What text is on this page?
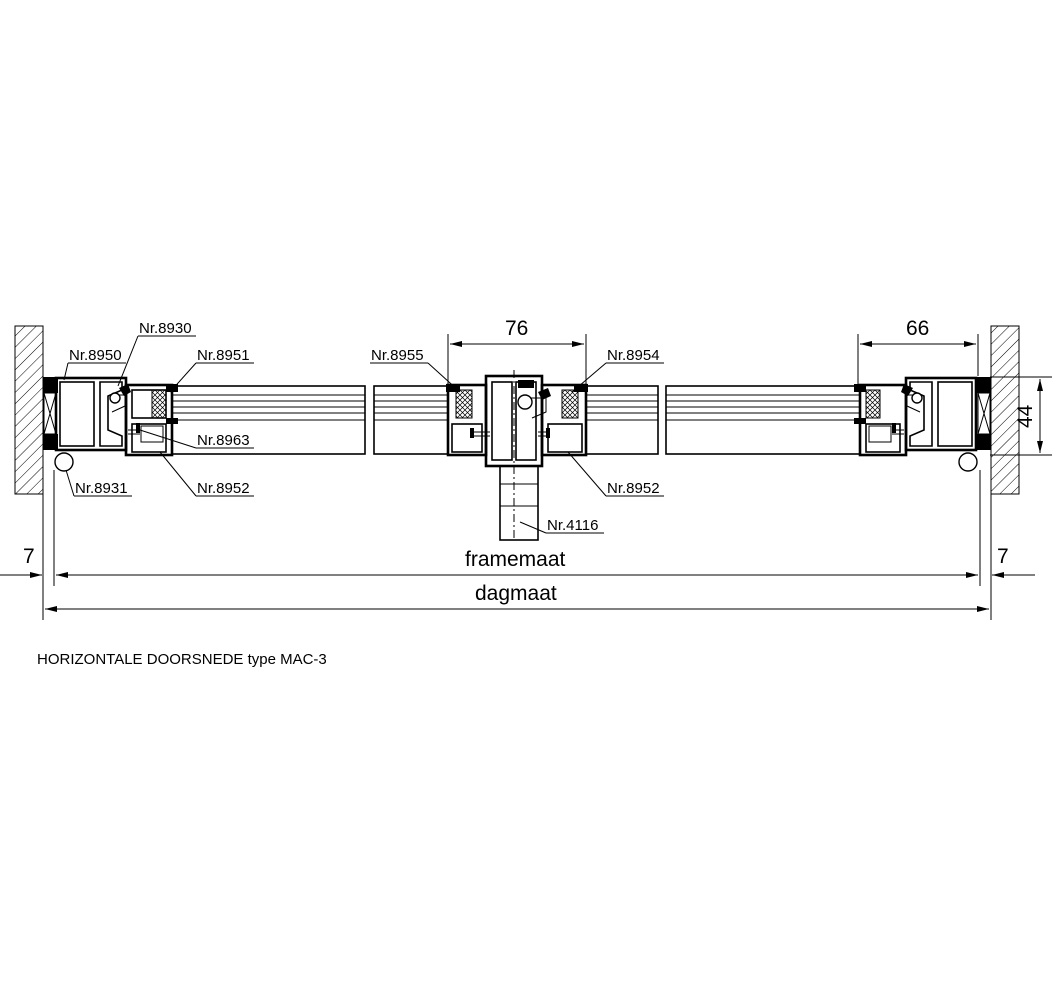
Nr.8930
Nr.8950	Nr.8951
Nr.8963
Nr.8931	Nr.8952
Nr.8955	Nr.8954
Nr.8952
Nr.4116
76	66
44
framemaat
7	7
dagmaat
HORIZONTALE DOORSNEDE type MAC-3
